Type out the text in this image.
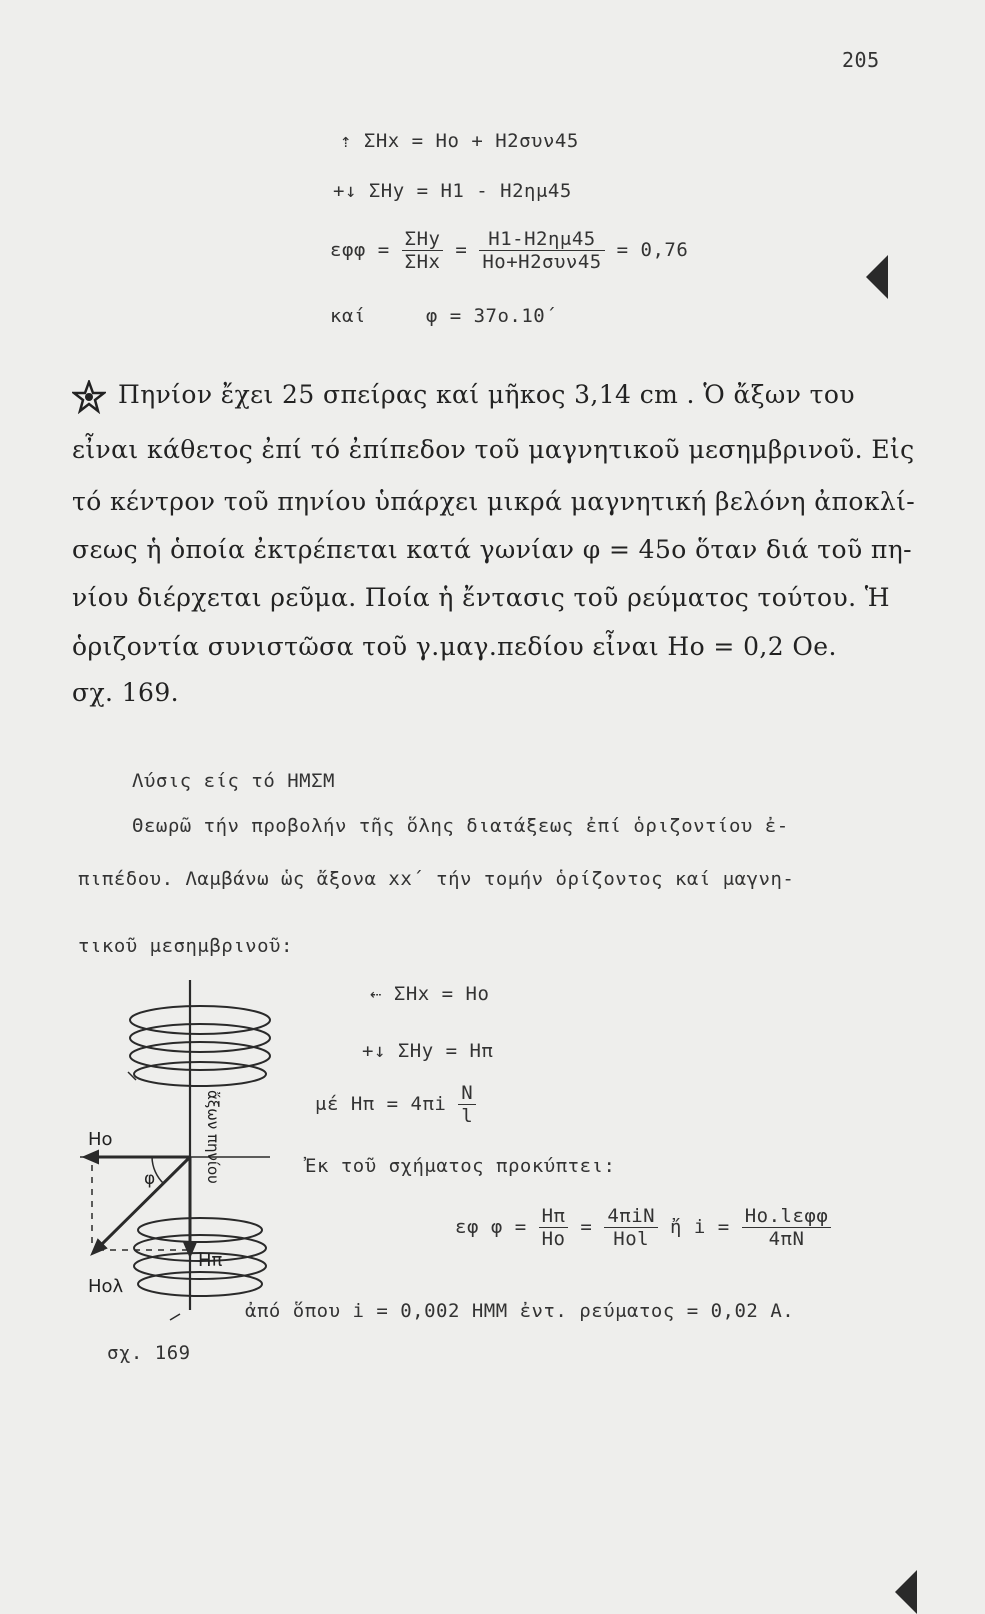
205
⇡ ΣHx = Ho + H2συν45
+↓ ΣHy = H1 - H2ημ45
$\varepsilon\varphi\varphi = \frac{\text{ΣHy}}{\text{ΣHx}} = \frac{H1-H2\eta\mu 45}{\text{Ho+H2συν45}} = 0,76$
καί	φ = 37ο.10΄
Πηνίον ἔχει 25 σπείρας καί μῆκος 3,14 cm . Ὁ ἄξων του
εἶναι κάθετος ἐπί τό ἐπίπεδον τοῦ μαγνητικοῦ μεσημβρινοῦ. Εἰς
τό κέντρον τοῦ πηνίου ὑπάρχει μικρά μαγνητική βελόνη ἀποκλί-
σεως ἡ ὁποία ἐκτρέπεται κατά γωνίαν φ = 45ο ὅταν διά τοῦ πη-
νίου διέρχεται ρεῦμα. Ποία ἡ ἔντασις τοῦ ρεύματος τούτου. Ἡ
ὁριζοντία συνιστῶσα τοῦ γ.μαγ.πεδίου εἶναι Ho = 0,2 Oe.
σχ. 169.
Λύσις είς τό ΗΜΣΜ
Θεωρῶ τήν προβολήν τῆς ὅλης διατάξεως ἐπί ὁριζοντίου ἐ-
πιπέδου. Λαμβάνω ὡς ἄξονα xx΄ τήν τομήν ὁρίζοντος καί μαγνη-
τικοῦ μεσημβρινοῦ:
⇠ ΣHx = Ho
+↓ ΣHy = Hπ
μέ $H\pi = 4\pi i \frac{N}{l}$
Ἐκ τοῦ σχήματος προκύπτει:
εφ $\varphi = \frac{H\pi}{Ho} = \frac{\text{4πiN}}{\text{Hol}}$ ἤ $i = \frac{\text{Ho.lεφφ}}{4\pi N}$
ἀπό ὅπου i = 0,002 HMM ἐντ. ρεύματος = 0,02 A.
Ho
Hoλ
Hπ
φ	ἄξων πηνίου
σχ. 169
